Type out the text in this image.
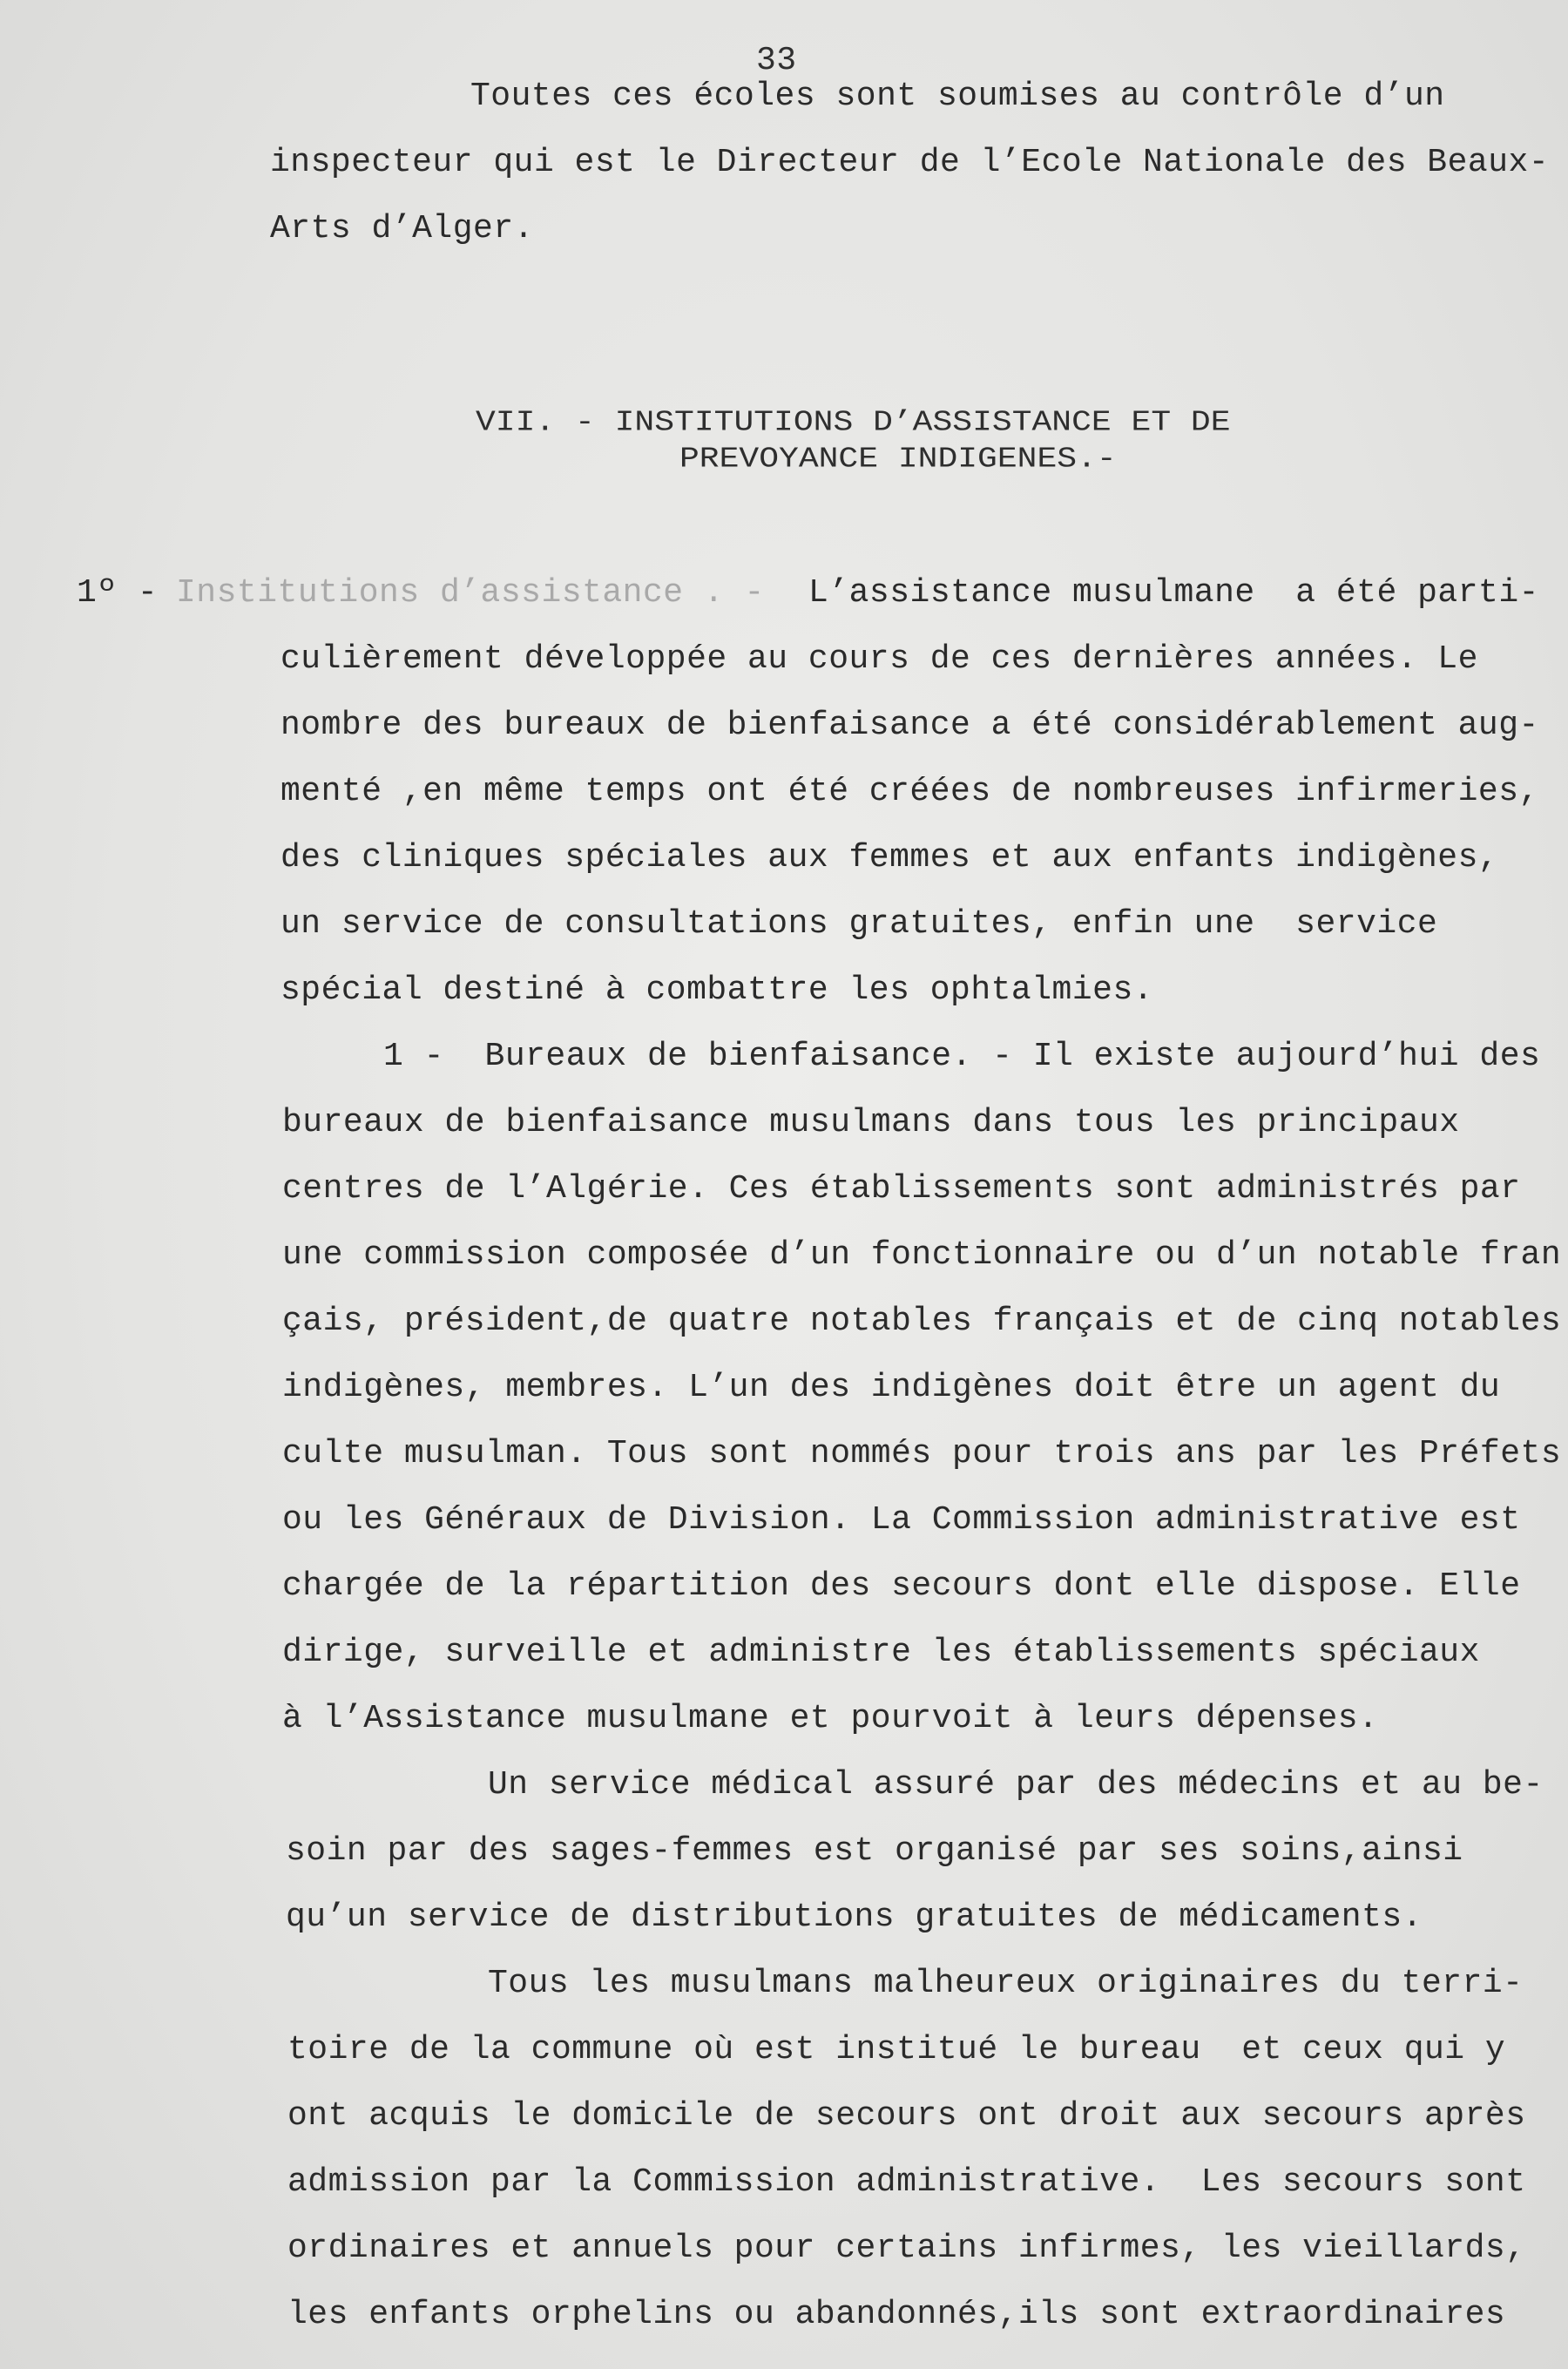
33
Toutes ces écoles sont soumises au contrôle d’un
inspecteur qui est le Directeur de l’Ecole Nationale des Beaux-
Arts d’Alger.
VII. - INSTITUTIONS D’ASSISTANCE ET DE
PREVOYANCE INDIGENES.-
1º - Institutions d’assistance . - L’assistance musulmane  a été parti-
culièrement développée au cours de ces dernières années. Le
nombre des bureaux de bienfaisance a été considérablement aug-
menté ,en même temps ont été créées de nombreuses infirmeries,
des cliniques spéciales aux femmes et aux enfants indigènes,
un service de consultations gratuites, enfin une  service
spécial destiné à combattre les ophtalmies.
1 -  Bureaux de bienfaisance. - Il existe aujourd’hui des
bureaux de bienfaisance musulmans dans tous les principaux
centres de l’Algérie. Ces établissements sont administrés par
une commission composée d’un fonctionnaire ou d’un notable fran
çais, président,de quatre notables français et de cinq notables
indigènes, membres. L’un des indigènes doit être un agent du
culte musulman. Tous sont nommés pour trois ans par les Préfets
ou les Généraux de Division. La Commission administrative est
chargée de la répartition des secours dont elle dispose. Elle
dirige, surveille et administre les établissements spéciaux
à l’Assistance musulmane et pourvoit à leurs dépenses.
Un service médical assuré par des médecins et au be-
soin par des sages-femmes est organisé par ses soins,ainsi
qu’un service de distributions gratuites de médicaments.
Tous les musulmans malheureux originaires du terri-
toire de la commune où est institué le bureau  et ceux qui y
ont acquis le domicile de secours ont droit aux secours après
admission par la Commission administrative.  Les secours sont
ordinaires et annuels pour certains infirmes, les vieillards,
les enfants orphelins ou abandonnés,ils sont extraordinaires
